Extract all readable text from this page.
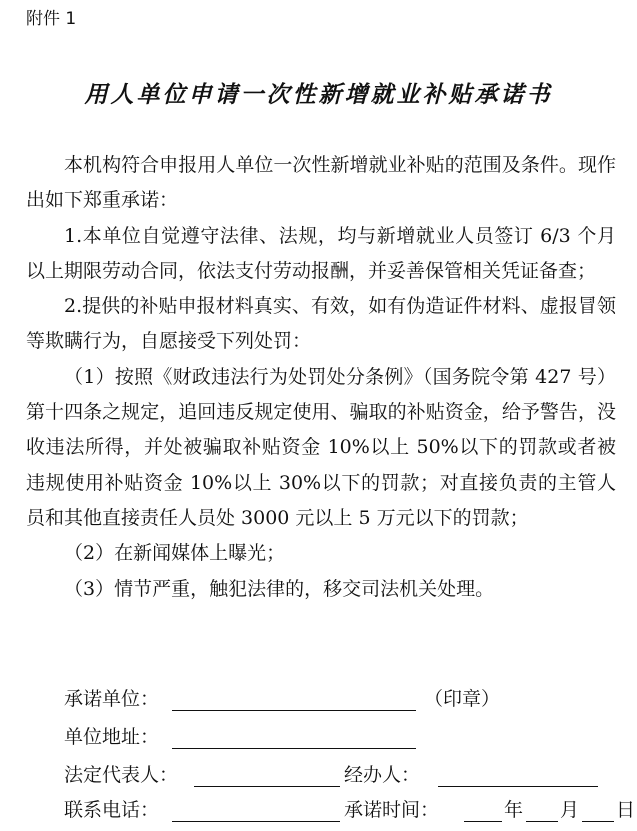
附件 1
用人单位申请一次性新增就业补贴承诺书

本机构符合申报用人单位一次性新增就业补贴的范围及条件。现作出如下郑重承诺：

1.本单位自觉遵守法律、法规，均与新增就业人员签订 6/3 个月以上期限劳动合同，依法支付劳动报酬，并妥善保管相关凭证备查；

2.提供的补贴申报材料真实、有效，如有伪造证件材料、虚报冒领等欺瞒行为，自愿接受下列处罚：

（1）按照《财政违法行为处罚处分条例》（国务院令第 427 号）第十四条之规定，追回违反规定使用、骗取的补贴资金，给予警告，没收违法所得，并处被骗取补贴资金 10%以上 50%以下的罚款或者被违规使用补贴资金 10%以上 30%以下的罚款；对直接负责的主管人员和其他直接责任人员处 3000 元以上 5 万元以下的罚款；

（2）在新闻媒体上曝光；

（3）情节严重，触犯法律的，移交司法机关处理。

承诺单位：	（印章）
单位地址：
法定代表人：	经办人：
联系电话：	承诺时间：	年 月 日
